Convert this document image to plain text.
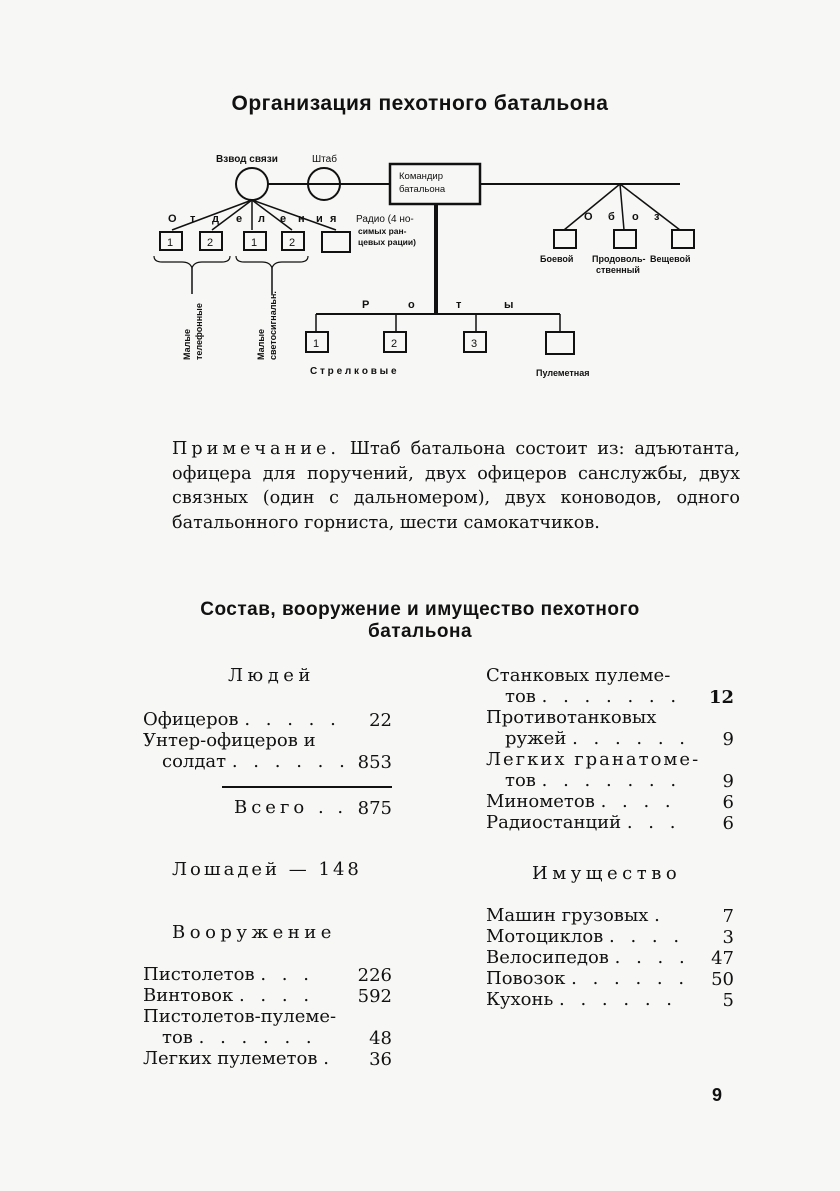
Организация пехотного батальона
Взвод связи	Штаб
Командир
батальона
О т д е л е н и я
1	2	1	2
Радио (4 но-
симых ран-
цевых рации)
Малые телефонные	Малые светосигнальн.
О б о з
Боевой Продоволь-
ственный
Вещевой
Р	о	т	ы
1	2	3
С т р е л к о в ы е	Пулеметная
Примечание. Штаб батальона состоит из: адъютанта, офицера для поручений, двух офицеров санслужбы, двух связных (один с дальномером), двух коноводов, одного батальонного горниста, шести самокатчиков.
Состав, вооружение и имущество пехотного
батальона
Людей
Офицеров . . . . .	22
Унтер-офицеров и
солдат . . . . . . 853
Всего . . 875
Лошадей — 148
Вооружение
Пистолетов . . .	226
Винтовок . . . .	592
Пистолетов-пулеме-
тов . . . . . .	48
Легких пулеметов .	36
Станковых пулеме-
тов . . . . . . .	12
Противотанковых
ружей . . . . . .	9
Легких гранатоме-
тов . . . . . . .	9
Минометов . . . .	6
Радиостанций . . .	6
Имущество
Машин грузовых .	7
Мотоциклов . . . .	3
Велосипедов . . . .	47
Повозок . . . . . .	50
Кухонь . . . . . .	5
9
